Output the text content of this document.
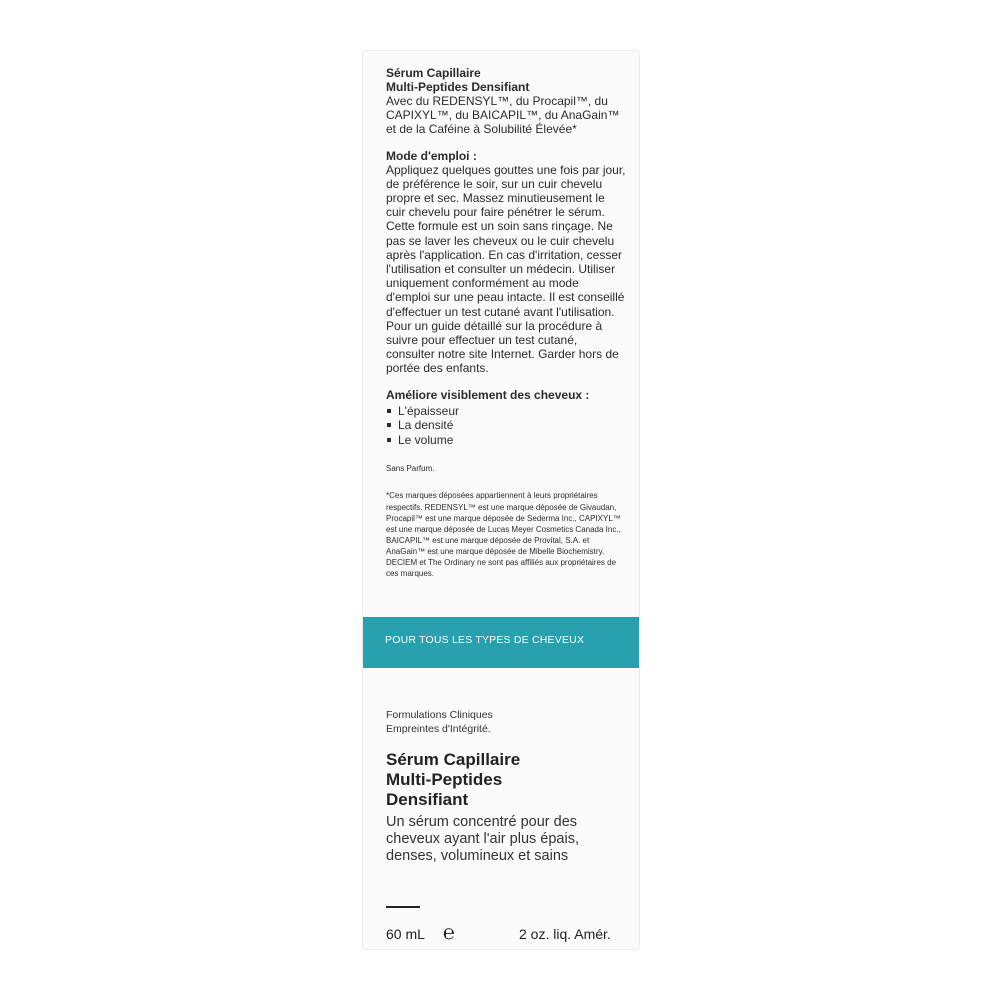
Sérum Capillaire

Multi-Peptides Densifiant

Avec du REDENSYL™, du Procapil™, du CAPIXYL™, du BAICAPIL™, du AnaGain™ et de la Caféine à Solubilité Élevée*

Mode d'emploi :

Appliquez quelques gouttes une fois par jour, de préférence le soir, sur un cuir chevelu propre et sec. Massez minutieusement le cuir chevelu pour faire pénétrer le sérum. Cette formule est un soin sans rinçage. Ne pas se laver les cheveux ou le cuir chevelu après l'application. En cas d'irritation, cesser l'utilisation et consulter un médecin. Utiliser uniquement conformément au mode d'emploi sur une peau intacte. Il est conseillé d'effectuer un test cutané avant l'utilisation. Pour un guide détaillé sur la procédure à suivre pour effectuer un test cutané, consulter notre site Internet. Garder hors de portée des enfants.

Améliore visiblement des cheveux :

L'épaisseur
La densité
Le volume

Sans Parfum.

*Ces marques déposées appartiennent à leurs propriétaires respectifs. REDENSYL™ est une marque déposée de Givaudan, Procapil™ est une marque déposée de Sederma Inc., CAPIXYL™ est une marque déposée de Lucas Meyer Cosmetics Canada Inc., BAICAPIL™ est une marque déposée de Provital, S.A. et AnaGain™ est une marque déposée de Mibelle Biochemistry. DECIEM et The Ordinary ne sont pas affiliés aux propriétaires de ces marques.

POUR TOUS LES TYPES DE CHEVEUX

Formulations Cliniques

Empreintes d'Intégrité.

Sérum Capillaire
Multi-Peptides
Densifiant

Un sérum concentré pour des cheveux ayant l'air plus épais, denses, volumineux et sains

60 mL ℮	2 oz. liq. Amér.
